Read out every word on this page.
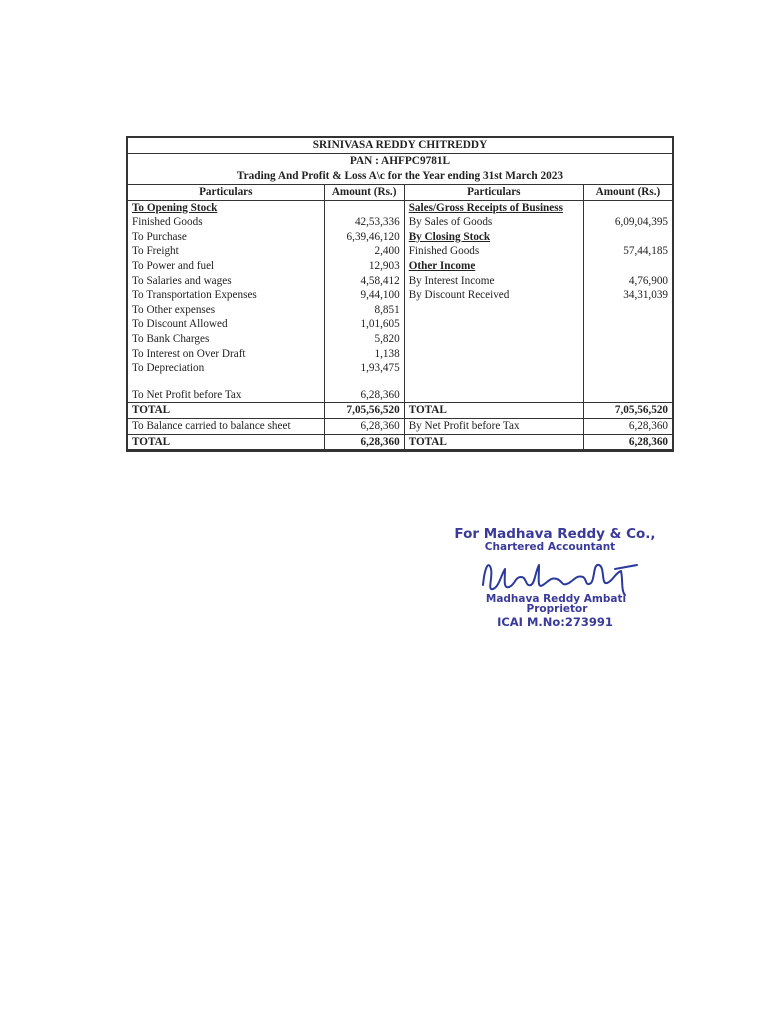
SRINIVASA REDDY CHITREDDY
PAN : AHFPC9781L
Trading And Profit & Loss A\c for the Year ending 31st March 2023
Particulars	Amount (Rs.)	Particulars	Amount (Rs.)
To Opening Stock		Sales/Gross Receipts of Business	
Finished Goods	42,53,336	By Sales of Goods	6,09,04,395
To Purchase	6,39,46,120	By Closing Stock	
To Freight	2,400	Finished Goods	57,44,185
To Power and fuel	12,903	Other Income	
To Salaries and wages	4,58,412	By Interest Income	4,76,900
To Transportation Expenses	9,44,100	By Discount Received	34,31,039
To Other expenses	8,851		
To Discount Allowed	1,01,605		
To Bank Charges	5,820		
To Interest on Over Draft	1,138		
To Depreciation	1,93,475		

To Net Profit before Tax	6,28,360		
TOTAL	7,05,56,520	TOTAL	7,05,56,520
To Balance carried to balance sheet	6,28,360	By Net Profit before Tax	6,28,360
TOTAL	6,28,360	TOTAL	6,28,360
For Madhava Reddy & Co.,
Chartered Accountant
Madhava Reddy Ambati
Proprietor
ICAI M.No:273991
